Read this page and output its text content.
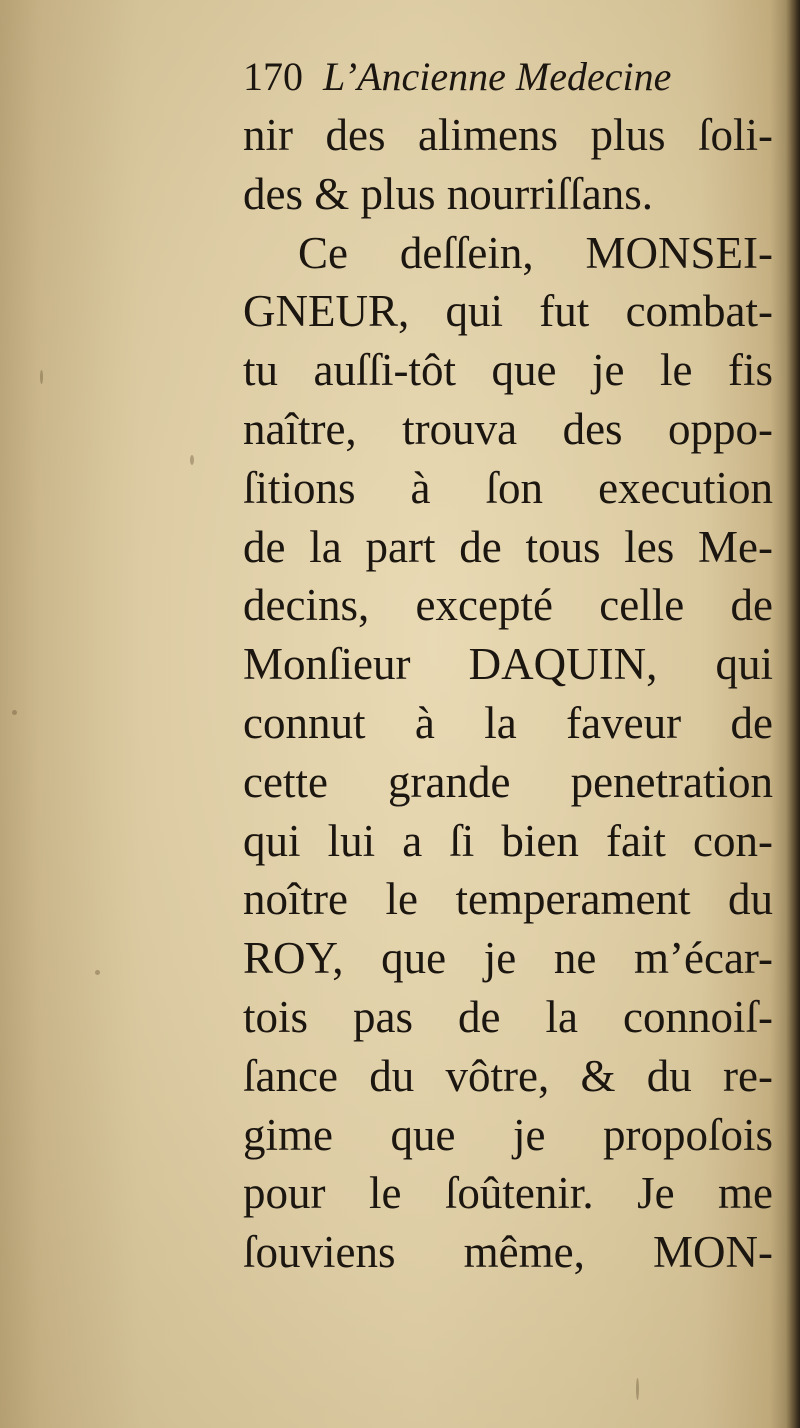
170 L’Ancienne Medecine
nir des alimens plus ſoli-
des & plus nourriſſans.
Ce deſſein, MONSEI-
GNEUR, qui fut combat-
tu auſſi-tôt que je le fis
naître, trouva des oppo-
ſitions à ſon execution
de la part de tous les Me-
decins, excepté celle de
Monſieur DAQUIN, qui
connut à la faveur de
cette grande penetration
qui lui a ſi bien fait con-
noître le temperament du
ROY, que je ne m’écar-
tois pas de la connoiſ-
ſance du vôtre, & du re-
gime que je propoſois
pour le ſoûtenir. Je me
ſouviens même, MON-
